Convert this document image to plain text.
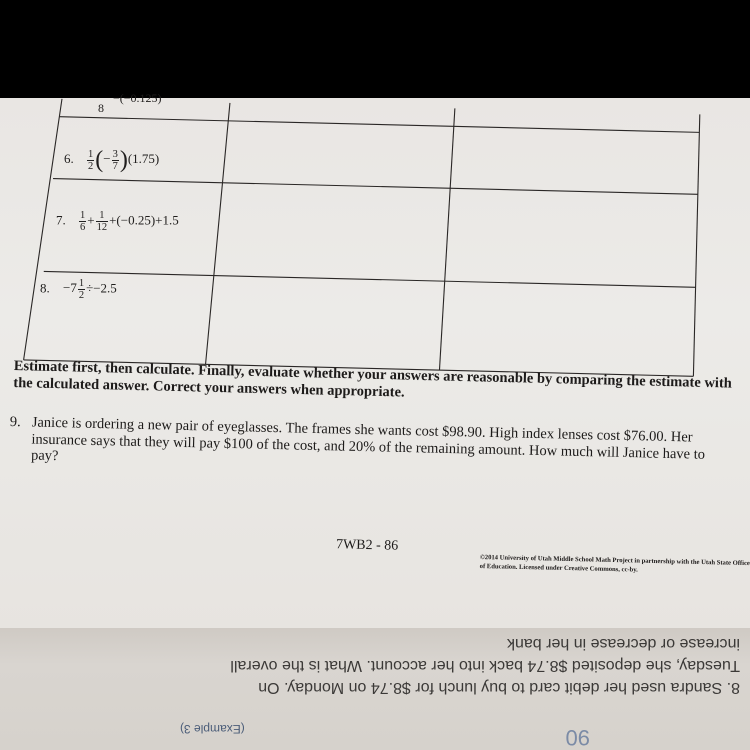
8 −(−0.125)
6. $\frac{1}{2}$ (− $\frac{3}{7} )(1.75)$
7. $\frac{1}{6} + \frac{1}{12} +(-0.25)+1.5$
8. $-7 \frac{1}{2} \div-2.5$
Estimate first, then calculate. Finally, evaluate whether your answers are reasonable by comparing the estimate with the calculated answer. Correct your answers when appropriate.
9. Janice is ordering a new pair of eyeglasses. The frames she wants cost $98.90. High index lenses cost $76.00. Her insurance says that they will pay $100 of the cost, and 20% of the remaining amount. How much will Janice have to pay?
7WB2 - 86
©2014 University of Utah Middle School Math Project in partnership with the Utah State Office of Education. Licensed under Creative Commons, cc-by.
8. Sandra used her debit card to buy lunch for $8.74 on Monday. On
Tuesday, she deposited $8.74 back into her account. What is the overall
increase or decrease in her bank
(Example 3)	90
